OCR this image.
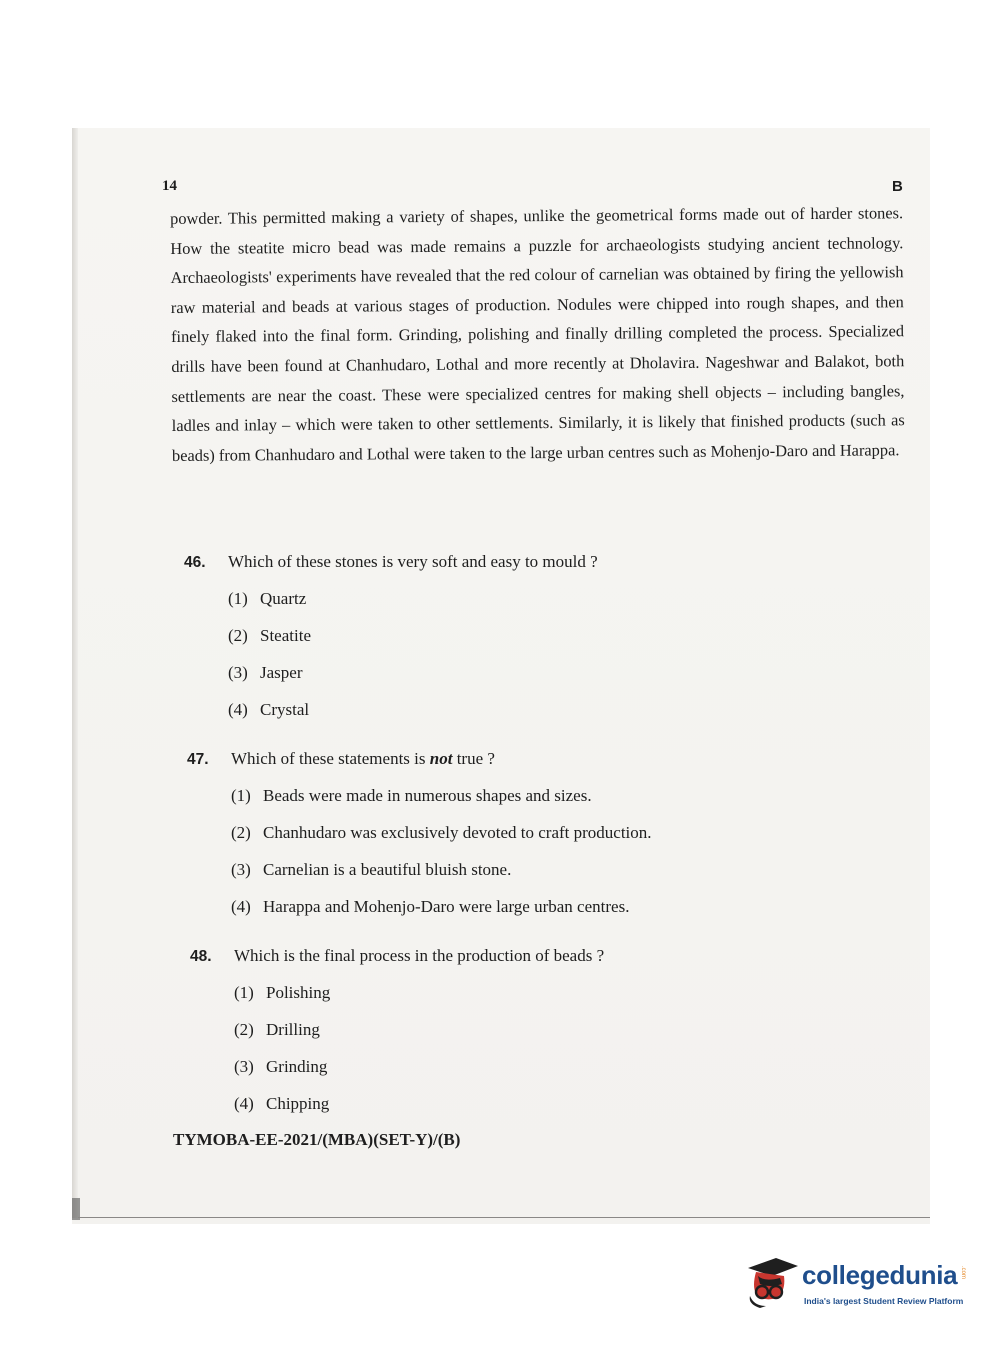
14	B
powder. This permitted making a variety of shapes, unlike the geometrical forms made out of harder stones. How the steatite micro bead was made remains a puzzle for archaeologists studying ancient technology. Archaeologists' experiments have revealed that the red colour of carnelian was obtained by firing the yellowish raw material and beads at various stages of production. Nodules were chipped into rough shapes, and then finely flaked into the final form. Grinding, polishing and finally drilling completed the process. Specialized drills have been found at Chanhudaro, Lothal and more recently at Dholavira. Nageshwar and Balakot, both settlements are near the coast. These were specialized centres for making shell objects – including bangles, ladles and inlay – which were taken to other settlements. Similarly, it is likely that finished products (such as beads) from Chanhudaro and Lothal were taken to the large urban centres such as Mohenjo-Daro and Harappa.
46.	Which of these stones is very soft and easy to mould ?
(1) Quartz
(2) Steatite
(3) Jasper
(4) Crystal
47.	Which of these statements is not true ?
(1) Beads were made in numerous shapes and sizes.
(2) Chanhudaro was exclusively devoted to craft production.
(3) Carnelian is a beautiful bluish stone.
(4) Harappa and Mohenjo-Daro were large urban centres.
48.	Which is the final process in the production of beads ?
(1) Polishing
(2) Drilling
(3) Grinding
(4) Chipping
TYMOBA-EE-2021/(MBA)(SET-Y)/(B)
collegedunia .com
India's largest Student Review Platform
